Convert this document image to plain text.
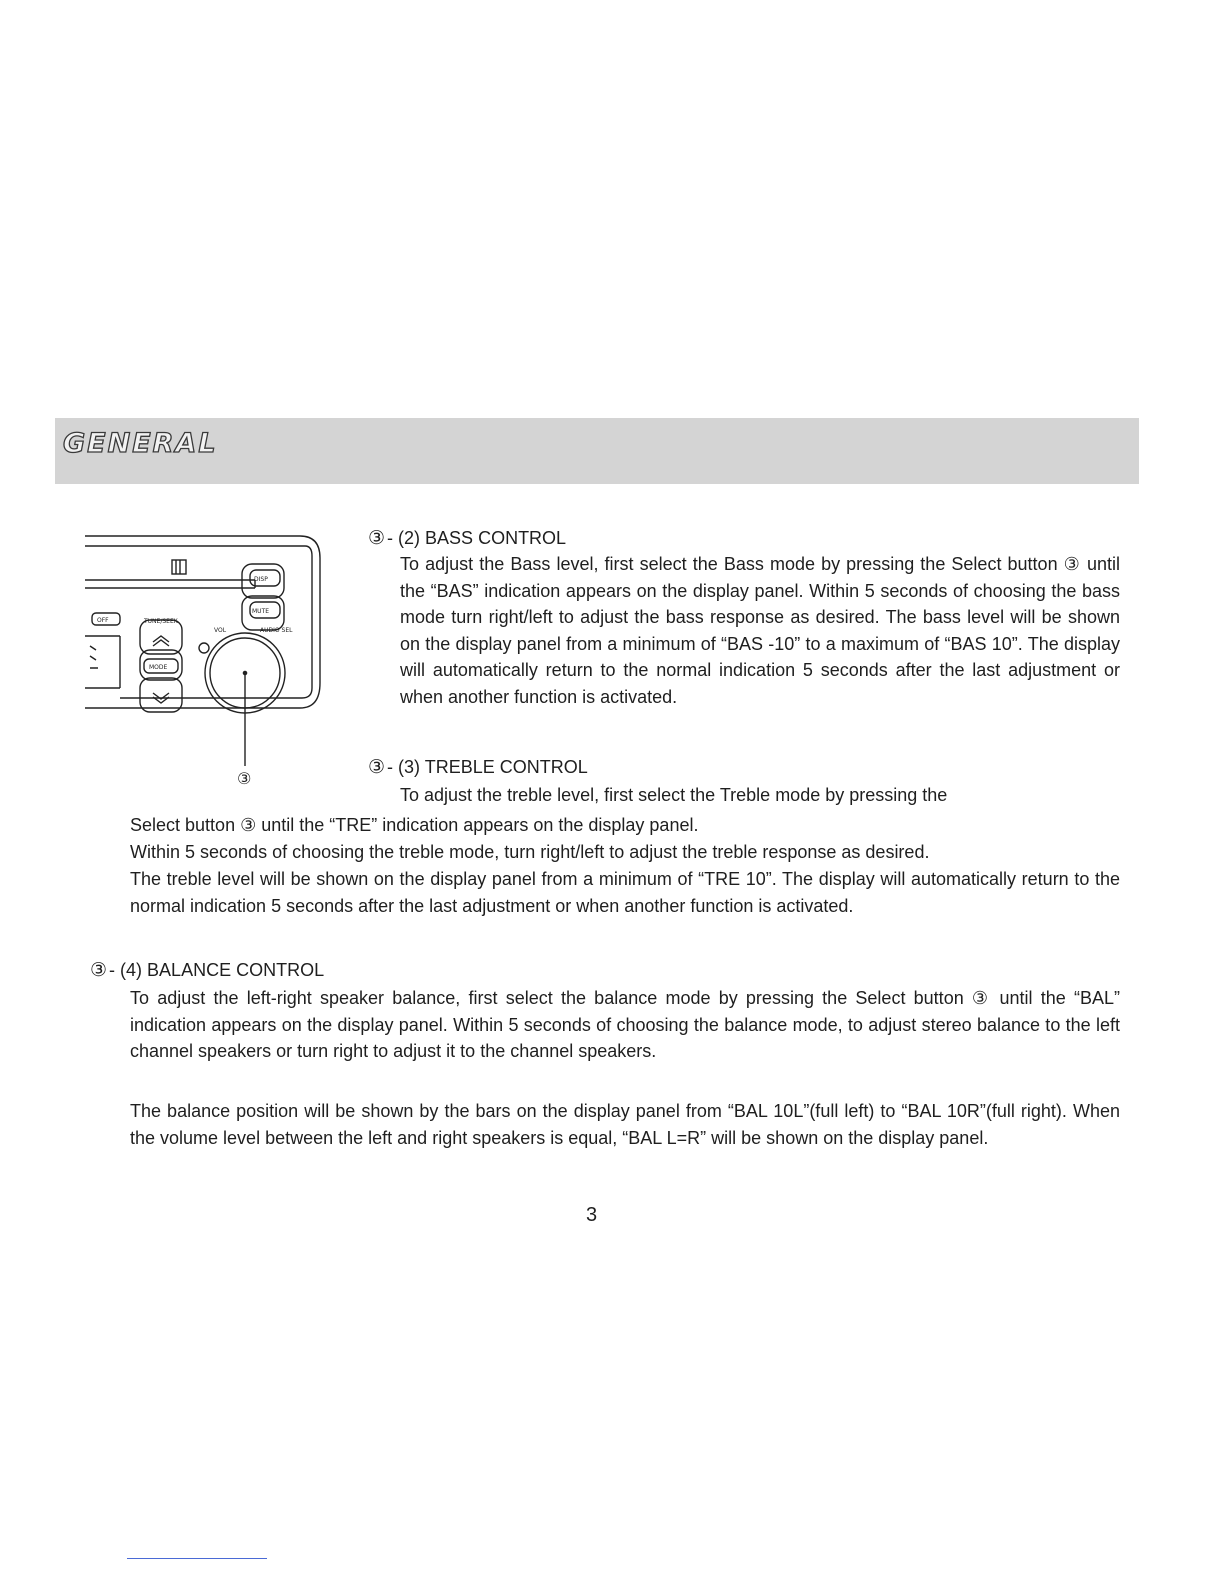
GENERAL
DISP
MUTE
OFF	TUNE/SEEK
VOL	AUDIO SEL
MODE
③

③ - (2) BASS CONTROL

To adjust the Bass level, first select the Bass mode by pressing the Select button ③ until the “BAS” indication appears on the display panel. Within 5 seconds of choosing the bass mode turn right/left to adjust the bass response as desired. The bass level will be shown on the display panel from a minimum of “BAS -10” to a maximum of “BAS 10”. The display will automatically return to the normal indication 5 seconds after the last adjustment or when another function is activated.

③ - (3) TREBLE CONTROL

To adjust the treble level, first select the Treble mode by pressing the

Select button ③ until the “TRE” indication appears on the display panel.

Within 5 seconds of choosing the treble mode, turn right/left to adjust the treble response as desired.

The treble level will be shown on the display panel from a minimum of “TRE 10”. The display will automatically return to the normal indication 5 seconds after the last adjustment or when another function is activated.

③ - (4) BALANCE CONTROL

To adjust the left-right speaker balance, first select the balance mode by pressing the Select button ③ until the “BAL” indication appears on the display panel. Within 5 seconds of choosing the balance mode, to adjust stereo balance to the left channel speakers or turn right to adjust it to the channel speakers.

The balance position will be shown by the bars on the display panel from “BAL 10L”(full left) to “BAL 10R”(full right). When the volume level between the left and right speakers is equal, “BAL L=R” will be shown on the display panel.

3
